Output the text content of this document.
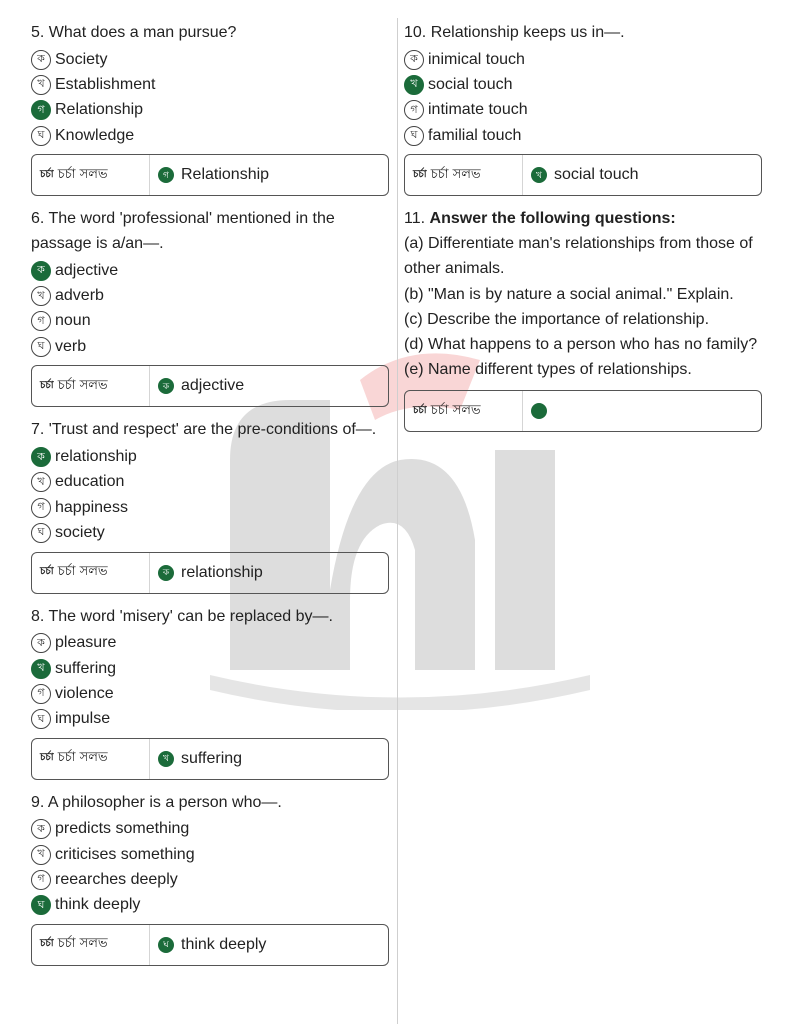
5. What does a man pursue?

ক Society
খ Establishment
গ Relationship
ঘ Knowledge
চর্চা চর্চা সলভ	গ Relationship

6. The word 'professional' mentioned in the passage is a/an—.

ক adjective
খ adverb
গ noun
ঘ verb
চর্চা চর্চা সলভ	ক adjective

7. 'Trust and respect' are the pre-conditions of—.

ক relationship
খ education
গ happiness
ঘ society
চর্চা চর্চা সলভ	ক relationship

8. The word 'misery' can be replaced by—.

ক pleasure
খ suffering
গ violence
ঘ impulse
চর্চা চর্চা সলভ	খ suffering

9. A philosopher is a person who—.

ক predicts something
খ criticises something
গ reearches deeply
ঘ think deeply
চর্চা চর্চা সলভ	ঘ think deeply

10. Relationship keeps us in—.

ক inimical touch
খ social touch
গ intimate touch
ঘ familial touch
চর্চা চর্চা সলভ	খ social touch

11. Answer the following questions:

(a) Differentiate man's relationships from those of other animals.

(b) "Man is by nature a social animal." Explain.

(c) Describe the importance of relationship.

(d) What happens to a person who has no family?

(e) Name different types of relationships.

চর্চা চর্চা সলভ
